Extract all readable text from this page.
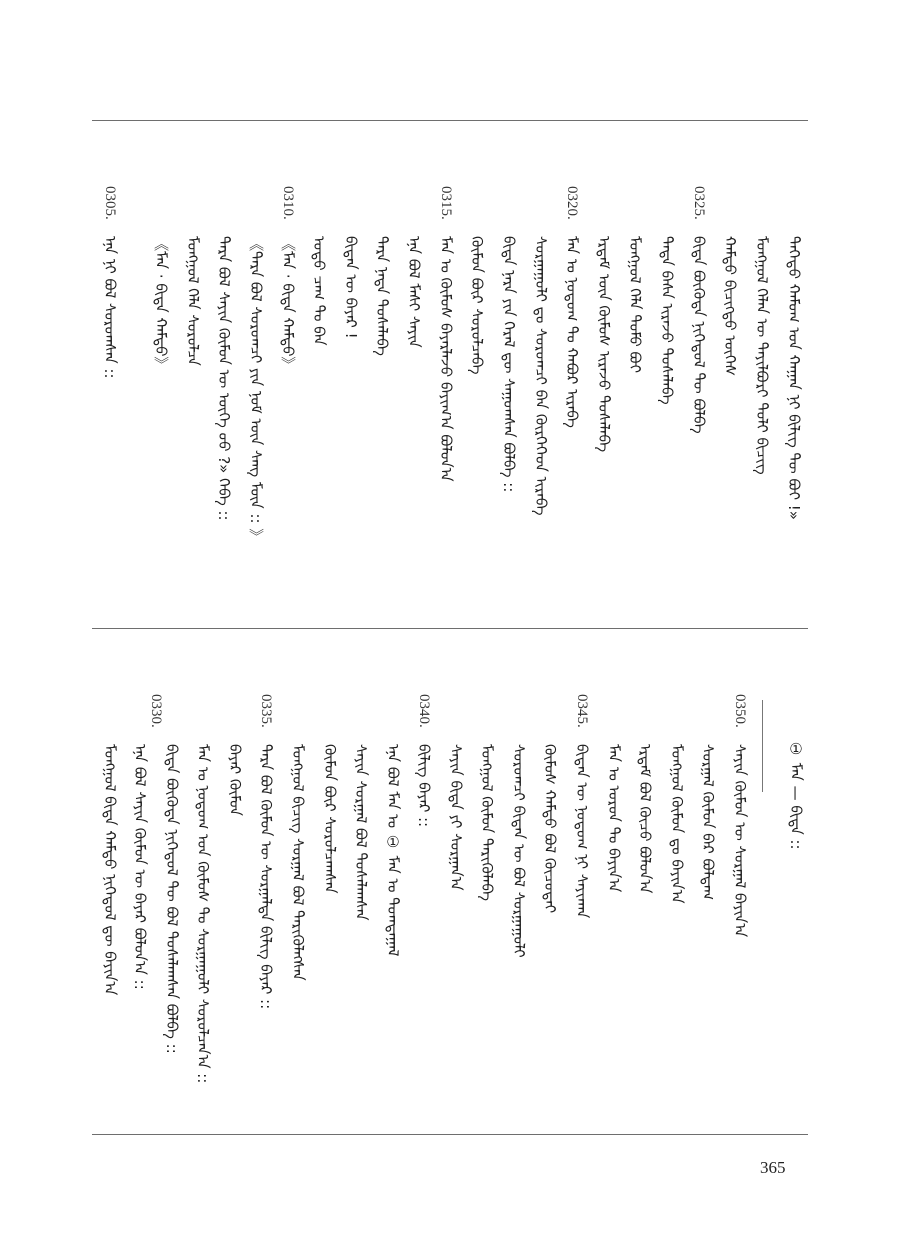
ᠳᠡᠭᠡᠳᠦ ᠬᠠᠮᠤᠭ ᠤᠨ ᠬᠠᠭᠠᠨ ᠨᠢ ᠪᠢᠯᠢᠭ ᠲᠦ ᠪᠤᠢ !»
ᠮᠣᠩᠭᠣᠯ ᠬᠡᠯᠡᠨ ᠦ ᠲᠠᠶᠢᠯᠪᠤᠷᠢ ᠲᠣᠯᠢ ᠪᠢᠴᠢᠭ
ᠬᠠᠮᠲᠤ ᠪᠢᠴᠢᠭ᠌ᠲᠦ ᠦᠭᠡᠰ
0325.
ᠪᠢᠳᠡ ᠪᠦᠭᠦᠳᠡ ᠨᠢᠭᠡᠳᠦᠯ ᠲᠦ ᠪᠣᠯᠪᠠ
ᠲᠡᠳᠡ ᠪᠠᠰᠠ ᠢᠷᠡᠵᠦ ᠲᠤᠰᠠᠯᠠᠪᠠ
ᠮᠣᠩᠭᠣᠯ ᠬᠡᠯᠡ ᠲᠣᠮᠣ ᠪᠤᠢ
ᠡᠷᠳᠡᠮ ᠦᠨ ᠬᠦᠮᠦᠰ ᠢᠷᠡᠵᠦ ᠲᠤᠰᠠᠯᠠᠪᠠ
0320.
ᠮᠠᠨ ᠤ ᠨᠤᠲᠤᠭ ᠲᠤ ᠬᠠᠪᠤᠷ ᠢᠷᠡᠪᠡ
ᠰᠤᠷᠭᠠᠭᠤᠯᠢ ᠳᠤ ᠰᠤᠷᠤᠭᠴᠢ ᠪᠠᠨ ᠬᠦᠷᠭᠡᠭᠡᠳ ᠢᠷᠡᠪᠡ
ᠪᠢᠳᠡ ᠨᠠᠷᠠ ᠶᠢᠨ ᠭᠡᠷᠡᠯ ᠳᠦ ᠰᠠᠭᠤᠭᠰᠠᠨ ᠪᠣᠯᠪᠠ ::
ᠬᠦᠮᠦᠨ ᠪᠦᠷ ᠰᠤᠷᠤᠯᠴᠠᠪᠠ
0315.
ᠮᠠᠨ ᠤ ᠬᠦᠮᠦᠰ ᠪᠠᠶᠠᠷᠯᠠᠵᠤ ᠪᠠᠶᠢᠭ᠎ᠠ ᠪᠣᠯᠤᠨ᠎ᠠ
ᠡᠨᠡ ᠪᠣᠯ ᠮᠠᠰᠢ ᠰᠠᠶᠢᠨ
ᠲᠡᠷᠡ ᠨᠠᠳᠠ ᠲᠤᠰᠠᠯᠠᠪᠠ
ᠪᠢᠳᠡᠨ ᠦ ᠪᠠᠶᠠᠷ !
ᠣᠳᠣ ᠴᠠᠭ ᠲᠤ ᠪᠠᠨ
0310.
《ᠮᠠᠨ · ᠪᠢᠳᠡ ᠬᠠᠮᠲᠤ》
《ᠲᠡᠷᠡ ᠪᠣᠯ ᠰᠤᠷᠤᠭᠴᠢ ᠶᠢᠨ ᠨᠣᠮ ᠦᠨ ᠰᠠᠩ ᠮᠥᠨ :: 》
ᠲᠡᠷᠡ ᠪᠣᠯ ᠰᠠᠶᠢᠨ ᠬᠦᠮᠦᠨ ᠦ ᠦᠭᠡ ᠦᠦ ?» ᠭᠡᠪᠡ ::
ᠮᠣᠩᠭᠣᠯ ᠬᠡᠯᠡ ᠰᠤᠷᠤᠯᠴᠠ
《ᠮᠠᠨ · ᠪᠢᠳᠡ ᠬᠠᠮᠲᠤ》
0305.
ᠡᠨᠡ ᠨᠢ ᠪᠣᠯ ᠰᠤᠷᠤᠭᠰᠠᠨ ::
① ᠮᠠᠨ — ᠪᠢᠳᠡ ::
0350.
ᠰᠠᠶᠢᠨ ᠬᠦᠮᠦᠨ ᠦ ᠰᠤᠷᠭᠠᠯ ᠪᠠᠶᠢᠨ᠎ᠠ
ᠰᠤᠷᠭᠠᠯ ᠬᠦᠮᠦᠨ ᠪᠡᠷ ᠪᠣᠯᠳᠠᠭ
ᠮᠣᠩᠭᠣᠯ ᠬᠦᠮᠦᠨ ᠳᠤ ᠪᠠᠶᠢᠨ᠎ᠠ
ᠡᠷᠳᠡᠮ ᠪᠣᠯ ᠬᠦᠴᠦ ᠪᠣᠯᠤᠨ᠎ᠠ
ᠮᠠᠨ ᠤ ᠣᠷᠣᠨ ᠲᠤ ᠪᠠᠶᠢᠨ᠎ᠠ
0345.
ᠪᠢᠳᠡᠨ ᠦ ᠨᠤᠲᠤᠭ ᠨᠢ ᠰᠠᠶᠢᠬᠠᠨ
ᠬᠦᠮᠦᠰ ᠬᠠᠮᠲᠤ ᠪᠣᠯ ᠬᠦᠴᠦᠲᠡᠢ
ᠰᠤᠷᠤᠭᠴᠢ ᠪᠢᠳᠡᠨ ᠦ ᠪᠣᠯ ᠰᠤᠷᠭᠠᠭᠤᠯᠢ
ᠮᠣᠩᠭᠣᠯ ᠬᠦᠮᠦᠨ ᠲᠡᠷᠢᠭᠦᠯᠡᠪᠡ
ᠰᠠᠶᠢᠨ ᠪᠢᠳᠡ ᠶᠢ ᠰᠤᠷᠭᠠᠨ᠎ᠠ
0340.
ᠪᠢᠯᠢᠭ ᠪᠠᠶᠠᠷ ::
ᠡᠨᠡ ᠪᠣᠯ ᠮᠠᠨ ᠤ ① ᠮᠠᠨ ᠤ ᠲᠣᠭᠲᠠᠭᠠᠯ
ᠰᠠᠶᠢᠨ ᠰᠤᠷᠭᠠᠯ ᠪᠣᠯ ᠲᠤᠰᠠᠯᠠᠭᠰᠠᠨ
ᠬᠦᠮᠦᠨ ᠪᠦᠷ ᠰᠤᠷᠤᠯᠴᠠᠭᠰᠠᠨ
ᠮᠣᠩᠭᠣᠯ ᠪᠢᠴᠢᠭ ᠰᠤᠷᠭᠠᠯ ᠪᠣᠯ ᠲᠡᠷᠢᠭᠦᠯᠡᠭᠰᠡᠨ
0335.
ᠲᠡᠷᠡ ᠪᠣᠯ ᠬᠦᠮᠦᠨ ᠦ ᠰᠤᠷᠭᠠᠯᠲᠠ ᠪᠢᠯᠢᠭ ᠪᠠᠶᠠᠷ ::
ᠪᠠᠶᠠᠷ ᠬᠦᠮᠦᠨ
ᠮᠠᠨ ᠤ ᠨᠤᠲᠤᠭ ᠤᠨ ᠬᠦᠮᠦᠰ ᠲᠤ ᠰᠤᠷᠭᠠᠭᠤᠯᠢ ᠰᠤᠷᠤᠯᠴᠠᠨ᠎ᠠ ::
ᠪᠢᠳᠡ ᠪᠦᠭᠦᠳᠡ ᠨᠢᠭᠡᠳᠦᠯ ᠲᠦ ᠪᠣᠯ ᠲᠤᠰᠠᠯᠠᠭᠰᠠᠨ ᠪᠣᠯᠪᠠ ::
ᠡᠨᠡ ᠪᠣᠯ ᠰᠠᠶᠢᠨ ᠬᠦᠮᠦᠨ ᠦ ᠪᠠᠶᠠᠷ ᠪᠣᠯᠤᠨ᠎ᠠ ::
0330.
ᠮᠣᠩᠭᠣᠯ ᠪᠢᠳᠡ ᠬᠠᠮᠲᠤ ᠨᠢᠭᠡᠳᠦᠯ ᠳᠦ ᠪᠠᠶᠢᠨ᠎ᠠ
365
